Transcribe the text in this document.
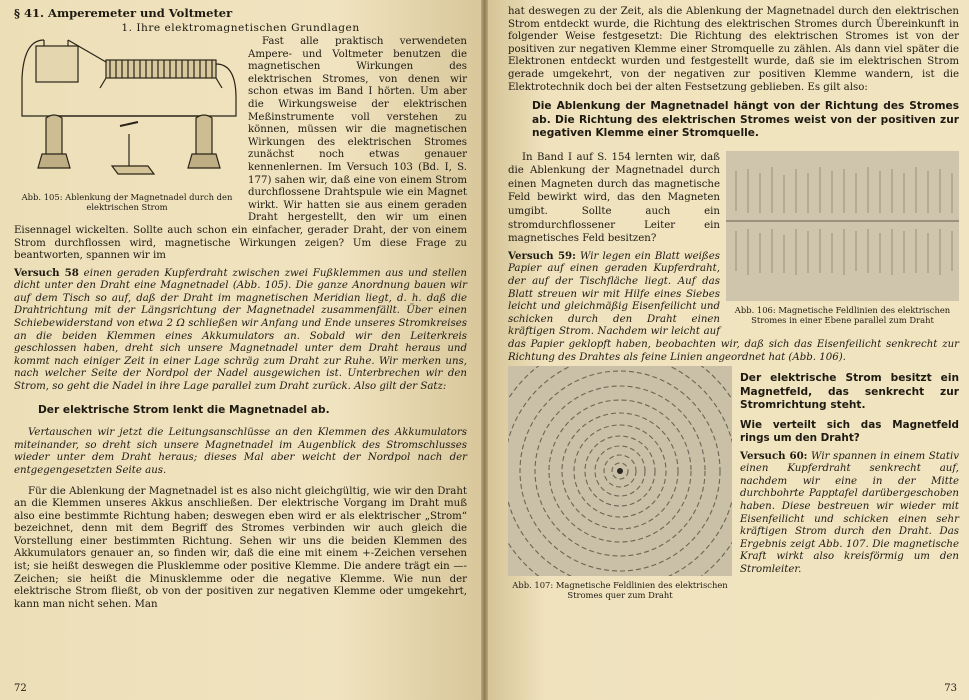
§ 41. Amperemeter und Voltmeter
1. Ihre elektromagnetischen Grundlagen
Abb. 105: Ablenkung der Magnetnadel durch den elektrischen Strom

Fast alle praktisch verwendeten Ampere- und Voltmeter benutzen die magnetischen Wirkungen des elektrischen Stromes, von denen wir schon etwas im Band I hörten. Um aber die Wirkungsweise der elektrischen Meßinstrumente voll verstehen zu können, müssen wir die magnetischen Wirkungen des elektrischen Stromes zunächst noch etwas genauer kennenlernen. Im Versuch 103 (Bd. I, S. 177) sahen wir, daß eine von einem Strom durchflossene Drahtspule wie ein Magnet wirkt. Wir hatten sie aus einem geraden Draht hergestellt, den wir um einen Eisennagel wickelten. Sollte auch schon ein einfacher, gerader Draht, der von einem Strom durchflossen wird, magnetische Wirkungen zeigen? Um diese Frage zu beantworten, spannen wir im

Versuch 58 einen geraden Kupferdraht zwischen zwei Fußklemmen aus und stellen dicht unter den Draht eine Magnetnadel (Abb. 105). Die ganze Anordnung bauen wir auf dem Tisch so auf, daß der Draht im magnetischen Meridian liegt, d. h. daß die Drahtrichtung mit der Längsrichtung der Magnetnadel zusammenfällt. Über einen Schiebewiderstand von etwa 2 Ω schließen wir Anfang und Ende unseres Stromkreises an die beiden Klemmen eines Akkumulators an. Sobald wir den Leiterkreis geschlossen haben, dreht sich unsere Magnetnadel unter dem Draht heraus und kommt nach einiger Zeit in einer Lage schräg zum Draht zur Ruhe. Wir merken uns, nach welcher Seite der Nordpol der Nadel ausgewichen ist. Unterbrechen wir den Strom, so geht die Nadel in ihre Lage parallel zum Draht zurück. Also gilt der Satz:

Der elektrische Strom lenkt die Magnetnadel ab.

Vertauschen wir jetzt die Leitungsanschlüsse an den Klemmen des Akkumulators miteinander, so dreht sich unsere Magnetnadel im Augenblick des Stromschlusses wieder unter dem Draht heraus; dieses Mal aber weicht der Nordpol nach der entgegengesetzten Seite aus.

Für die Ablenkung der Magnetnadel ist es also nicht gleichgültig, wie wir den Draht an die Klemmen unseres Akkus anschließen. Der elektrische Vorgang im Draht muß also eine bestimmte Richtung haben; deswegen eben wird er als elektrischer „Strom“ bezeichnet, denn mit dem Begriff des Stromes verbinden wir auch gleich die Vorstellung einer bestimmten Richtung. Sehen wir uns die beiden Klemmen des Akkumulators genauer an, so finden wir, daß die eine mit einem +-Zeichen versehen ist; sie heißt deswegen die Plusklemme oder positive Klemme. Die andere trägt ein —-Zeichen; sie heißt die Minusklemme oder die negative Klemme. Wie nun der elektrische Strom fließt, ob von der positiven zur negativen Klemme oder umgekehrt, kann man nicht sehen. Man

72

hat deswegen zu der Zeit, als die Ablenkung der Magnetnadel durch den elektrischen Strom entdeckt wurde, die Richtung des elektrischen Stromes durch Übereinkunft in folgender Weise festgesetzt: Die Richtung des elektrischen Stromes ist von der positiven zur negativen Klemme einer Stromquelle zu zählen. Als dann viel später die Elektronen entdeckt wurden und festgestellt wurde, daß sie im elektrischen Strom gerade umgekehrt, von der negativen zur positiven Klemme wandern, ist die Elektrotechnik doch bei der alten Festsetzung geblieben. Es gilt also:

Die Ablenkung der Magnetnadel hängt von der Richtung des Stromes ab. Die Richtung des elektrischen Stromes weist von der positiven zur negativen Klemme einer Stromquelle.

Abb. 106: Magnetische Feldlinien des elektrischen Stromes in einer Ebene parallel zum Draht

In Band I auf S. 154 lernten wir, daß die Ablenkung der Magnetnadel durch einen Magneten durch das magnetische Feld bewirkt wird, das den Magneten umgibt. Sollte auch ein stromdurchflossener Leiter ein magnetisches Feld besitzen?

Versuch 59: Wir legen ein Blatt weißes Papier auf einen geraden Kupferdraht, der auf der Tischfläche liegt. Auf das Blatt streuen wir mit Hilfe eines Siebes leicht und gleichmäßig Eisenfeilicht und schicken durch den Draht einen kräftigen Strom. Nachdem wir leicht auf das Papier geklopft haben, beobachten wir, daß sich das Eisenfeilicht senkrecht zur Richtung des Drahtes als feine Linien angeordnet hat (Abb. 106).

Abb. 107: Magnetische Feldlinien des elektrischen Stromes quer zum Draht

Der elektrische Strom besitzt ein Magnetfeld, das senkrecht zur Stromrichtung steht.

Wie verteilt sich das Magnetfeld rings um den Draht?

Versuch 60: Wir spannen in einem Stativ einen Kupferdraht senkrecht auf, nachdem wir eine in der Mitte durchbohrte Papptafel darübergeschoben haben. Diese bestreuen wir wieder mit Eisenfeilicht und schicken einen sehr kräftigen Strom durch den Draht. Das Ergebnis zeigt Abb. 107. Die magnetische Kraft wirkt also kreisförmig um den Stromleiter.

73
